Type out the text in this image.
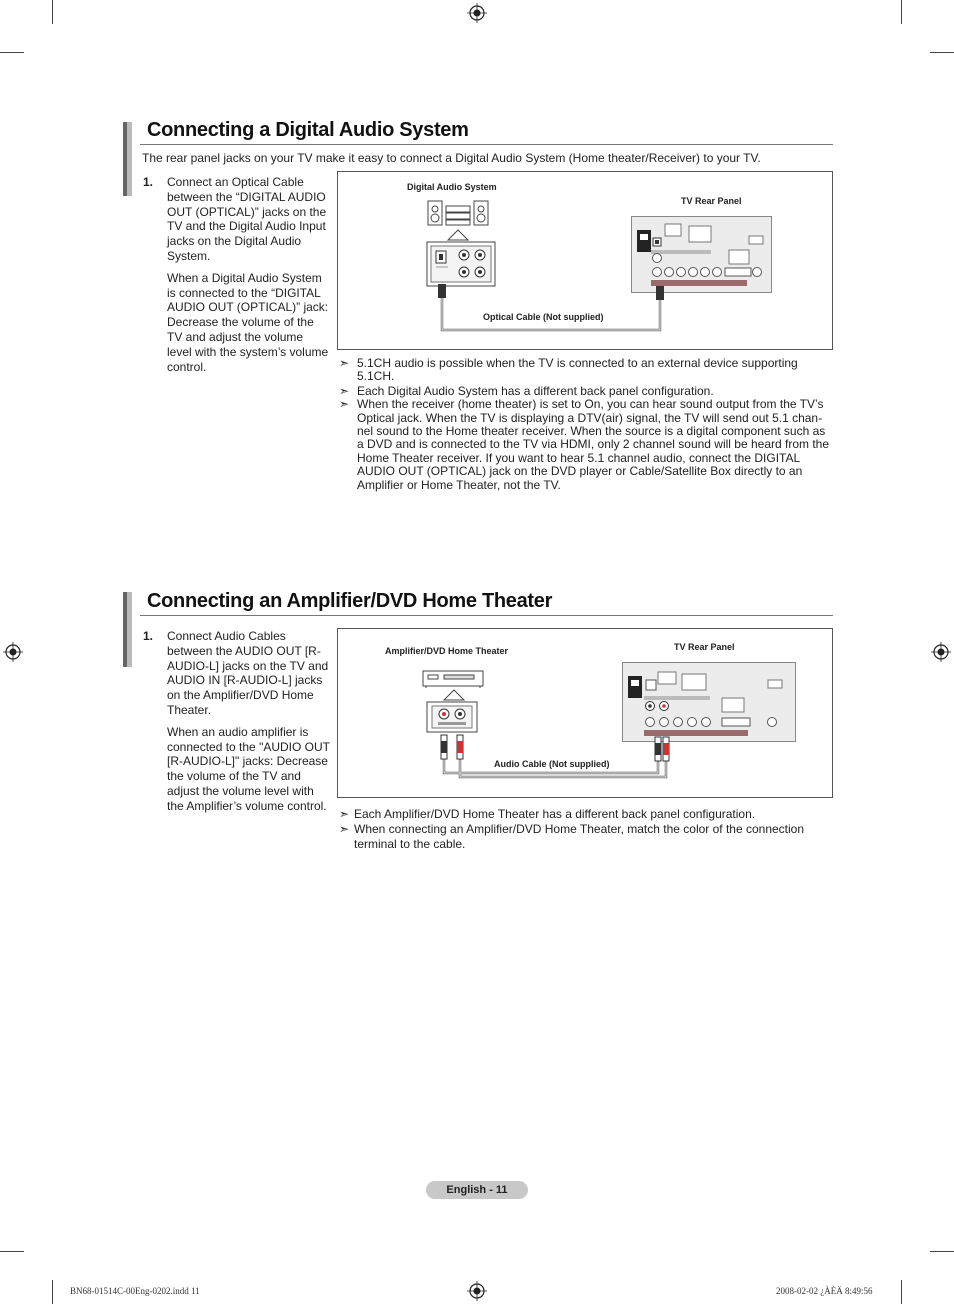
Connecting a Digital Audio System
The rear panel jacks on your TV make it easy to connect a Digital Audio System (Home theater/Receiver) to your TV.
1. Connect an Optical Cable between the “DIGITAL AUDIO OUT (OPTICAL)” jacks on the TV and the Digital Audio Input jacks on the Digital Audio System.

When a Digital Audio System is connected to the “DIGITAL AUDIO OUT (OPTICAL)” jack: Decrease the volume of the TV and adjust the volume level with the system’s volume control.

Digital Audio System
TV Rear Panel
Optical Cable (Not supplied)

➣ 5.1CH audio is possible when the TV is connected to an external device supporting 5.1CH.

➣ Each Digital Audio System has a different back panel configuration.

➣ When the receiver (home theater) is set to On, you can hear sound output from the TV’s Optical jack. When the TV is displaying a DTV(air) signal, the TV will send out 5.1 chan- nel sound to the Home theater receiver. When the source is a digital component such as a DVD and is connected to the TV via HDMI, only 2 channel sound will be heard from the Home Theater receiver. If you want to hear 5.1 channel audio, connect the DIGITAL AUDIO OUT (OPTICAL) jack on the DVD player or Cable/Satellite Box directly to an Amplifier or Home Theater, not the TV.

Connecting an Amplifier/DVD Home Theater
1. Connect Audio Cables between the AUDIO OUT [R-AUDIO-L] jacks on the TV and AUDIO IN [R-AUDIO-L] jacks on the Amplifier/DVD Home Theater.

When an audio amplifier is connected to the "AUDIO OUT [R-AUDIO-L]" jacks: Decrease the volume of the TV and adjust the volume level with the Amplifier’s volume control.

Amplifier/DVD Home Theater	TV Rear Panel
Audio Cable (Not supplied)

➣ Each Amplifier/DVD Home Theater has a different back panel configuration.

➣ When connecting an Amplifier/DVD Home Theater, match the color of the connection terminal to the cable.

English - 11
BN68-01514C-00Eng-0202.indd 11	2008-02-02 ¿ÀÈÄ 8:49:56
